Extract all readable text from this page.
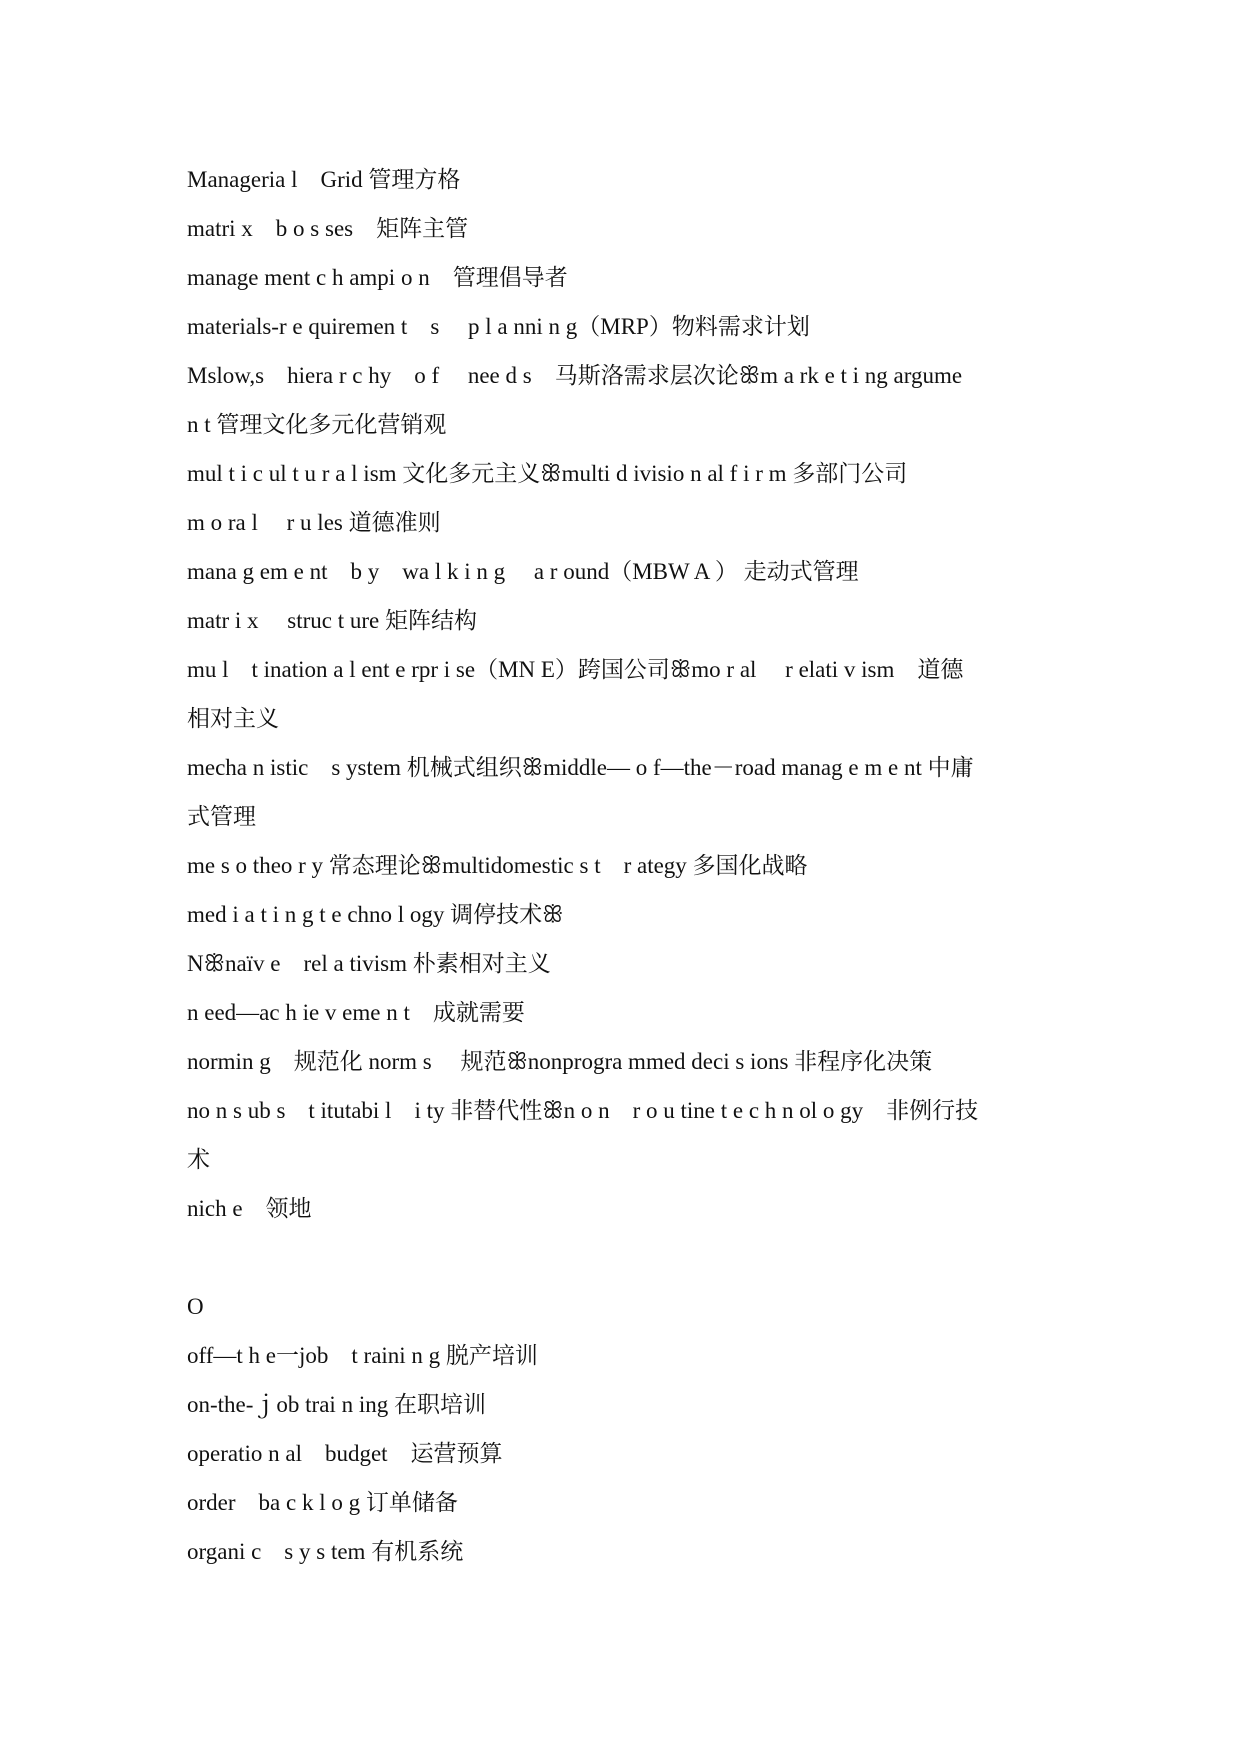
Manageria l　Grid 管理方格
matri x　b o s ses　矩阵主管
manage ment c h ampi o n　管理倡导者
materials-r e quiremen t　s　 p l a nni n g（MRP）物料需求计划
Mslow,s　hiera r c hy　o f　 nee d s　马斯洛需求层次论ꕥm a rk e t i ng argume
n t 管理文化多元化营销观
mul t i c ul t u r a l ism 文化多元主义ꕥmulti d ivisio n al f i r m 多部门公司
m o ra l　 r u les 道德准则
mana g em e nt　b y　wa l k i n g　 a r ound（MBW A ） 走动式管理
matr i x　 struc t ure 矩阵结构
mu l　t ination a l ent e rpr i se（MN E）跨国公司ꕥmo r al　 r elati v ism　道德
相对主义
mecha n istic　s ystem 机械式组织ꕥmiddle— o f—the－road manag e m e nt 中庸
式管理
me s o theo r y 常态理论ꕥmultidomestic s t　r ategy 多国化战略
med i a t i n g t e chno l ogy 调停技术ꕥ
Nꕥnaïv e　rel a tivism 朴素相对主义
n eed—ac h ie v eme n t　成就需要
normin g　规范化 norm s　 规范ꕥnonprogra mmed deci s ions 非程序化决策
no n s ub s　t itutabi l　i ty 非替代性ꕥn o n　r o u tine t e c h n ol o gy　非例行技
术
nich e　领地
O
off—t h e一job　t raini n g 脱产培训
on-the-ｊob trai n ing 在职培训
operatio n al　budget　运营预算
order　ba c k l o g 订单储备
organi c　s y s tem 有机系统
